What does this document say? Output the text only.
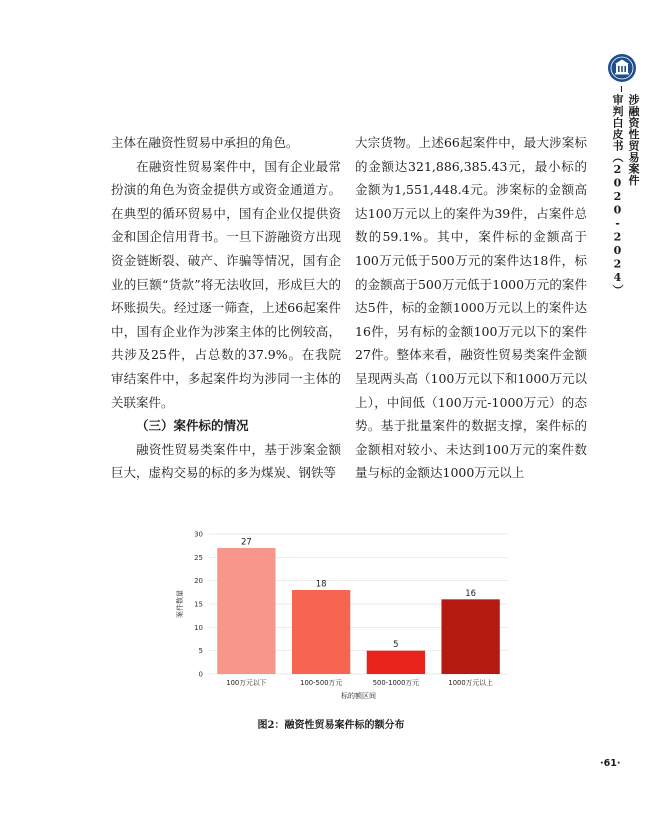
涉融资性贸易案件
审判白皮书（2020-2024）

主体在融资性贸易中承担的角色。

在融资性贸易案件中，国有企业最常扮演的角色为资金提供方或资金通道方。在典型的循环贸易中，国有企业仅提供资金和国企信用背书。一旦下游融资方出现资金链断裂、破产、诈骗等情况，国有企业的巨额“货款”将无法收回，形成巨大的坏账损失。经过逐一筛查，上述66起案件中，国有企业作为涉案主体的比例较高，共涉及25件，占总数的37.9%。在我院审结案件中，多起案件均为涉同一主体的关联案件。

（三）案件标的情况

融资性贸易类案件中，基于涉案金额巨大，虚构交易的标的多为煤炭、钢铁等

大宗货物。上述66起案件中，最大涉案标的金额达321,886,385.43元，最小标的金额为1,551,448.4元。涉案标的金额高达100万元以上的案件为39件，占案件总数的59.1%。其中，案件标的金额高于100万元低于500万元的案件达18件，标的金额高于500万元低于1000万元的案件达5件，标的金额1000万元以上的案件达16件，另有标的金额100万元以下的案件27件。整体来看，融资性贸易类案件金额呈现两头高（100万元以下和1000万元以上），中间低（100万元-1000万元）的态势。基于批量案件的数据支撑，案件标的金额相对较小、未达到100万元的案件数量与标的金额达1000万元以上

0
5
10
15
20
25
30
27
100万元以下
18
100-500万元
5
500-1000万元
16
1000万元以上
标的额区间
案件数量
图2：融资性贸易案件标的额分布
·61·
